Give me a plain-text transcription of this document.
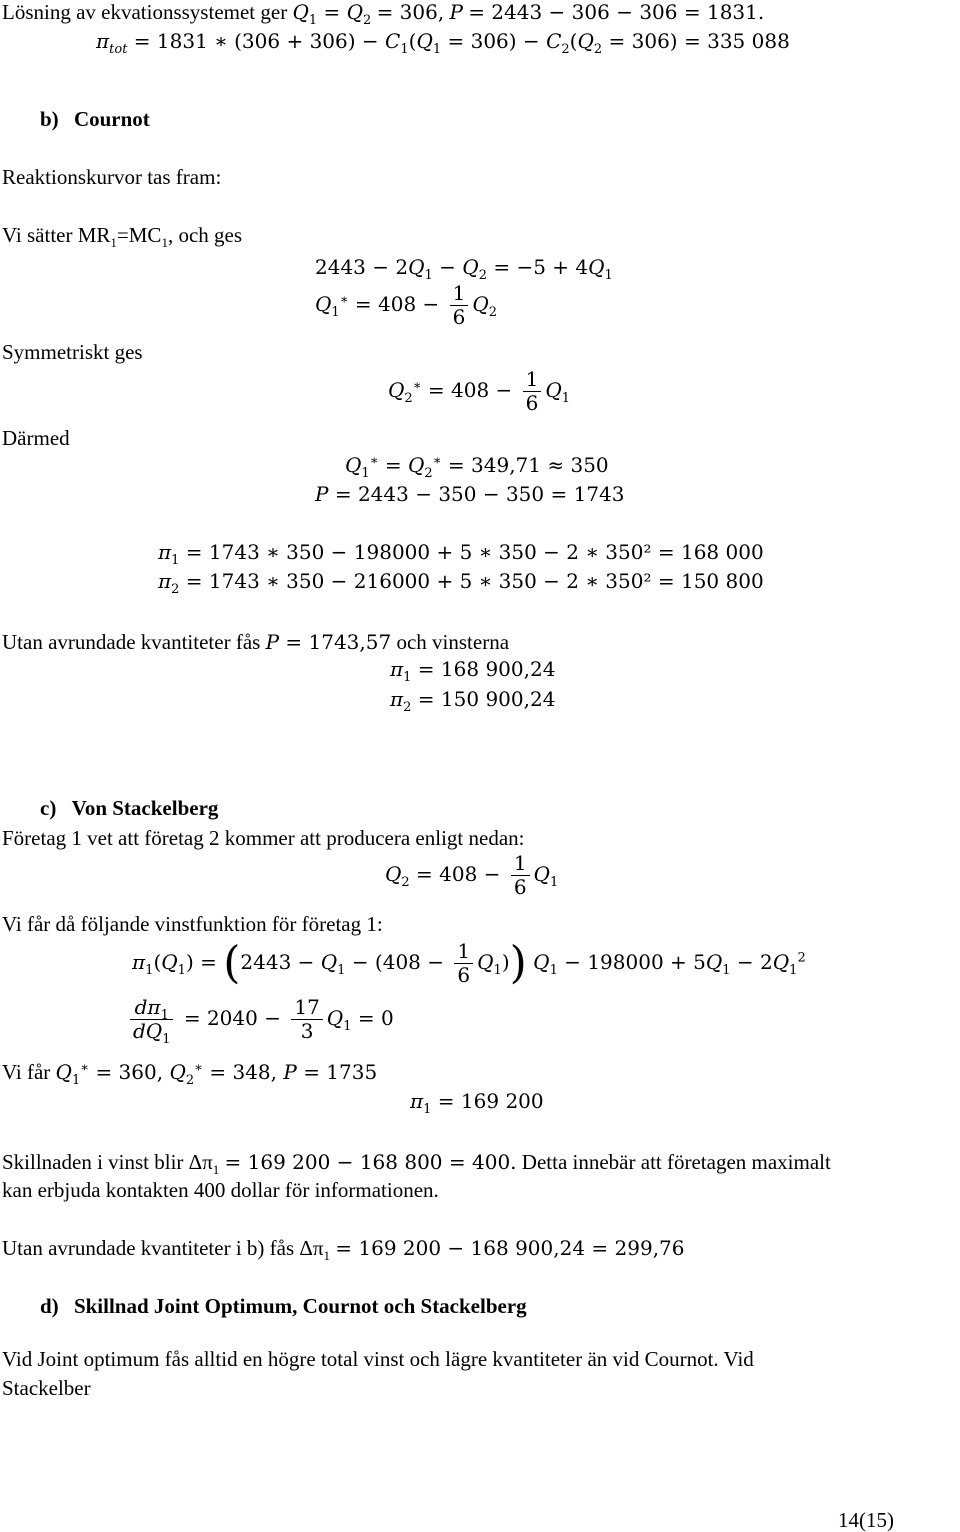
Lösning av ekvationssystemet ger $Q_1 = Q_2 = 306$, P = 2443 − 306 − 306 = 1831.
$\pi_{tot} = 1831$ ∗ $(306 + 306) - C_1(Q_1 = 306) - C_2(Q_2 = 306) = 335$ 088
b) Cournot
Reaktionskurvor tas fram:
Vi sätter $MR_1=MC_1$, och ges
$2443 - 2Q_1 - Q_2 = -5 + 4Q_1$
$Q_1^∗ = 408 - \frac{1}{6} Q_2$
Symmetriskt ges
$Q_2^∗ = 408 - \frac{1}{6} Q_1$
Därmed
$Q_1^∗ = Q_2^∗ = 349,71 \approx 350$
P = 2443 − 350 − 350 = 1743
$\pi_1 = 1743$ ∗ 350 − 198000 + 5 ∗ 350 − 2 ∗ 350² = 168 000
$\pi_2 = 1743$ ∗ 350 − 216000 + 5 ∗ 350 − 2 ∗ 350² = 150 800
Utan avrundade kvantiteter fås P = 1743,57 och vinsterna
$\pi_1 = 168$ 900,24
$\pi_2 = 150$ 900,24
c) Von Stackelberg
Företag 1 vet att företag 2 kommer att producera enligt nedan:
$Q_2 = 408 - \frac{1}{6} Q_1$
Vi får då följande vinstfunktion för företag 1:
$\pi_1(Q_1) = (2443 - Q_1 - (408 - \frac{1}{6} Q_1)) Q_1 - 198000 + 5Q_1 - 2Q_1^2$
$\frac{d\pi_1}{dQ_1} = 2040 - \frac{17}{3} Q_1 = 0$
Vi får $Q_1^∗ = 360$, $Q_2^∗ = 348$, P = 1735
$\pi_1 = 169$ 200
Skillnaden i vinst blir $\Delta\pi_1 = 169$ 200 − 168 800 = 400. Detta innebär att företagen maximalt
kan erbjuda kontakten 400 dollar för informationen.
Utan avrundade kvantiteter i b) fås $\Delta\pi_1 = 169$ 200 − 168 900,24 = 299,76
d) Skillnad Joint Optimum, Cournot och Stackelberg
Vid Joint optimum fås alltid en högre total vinst och lägre kvantiteter än vid Cournot. Vid
Stackelber
14(15)
